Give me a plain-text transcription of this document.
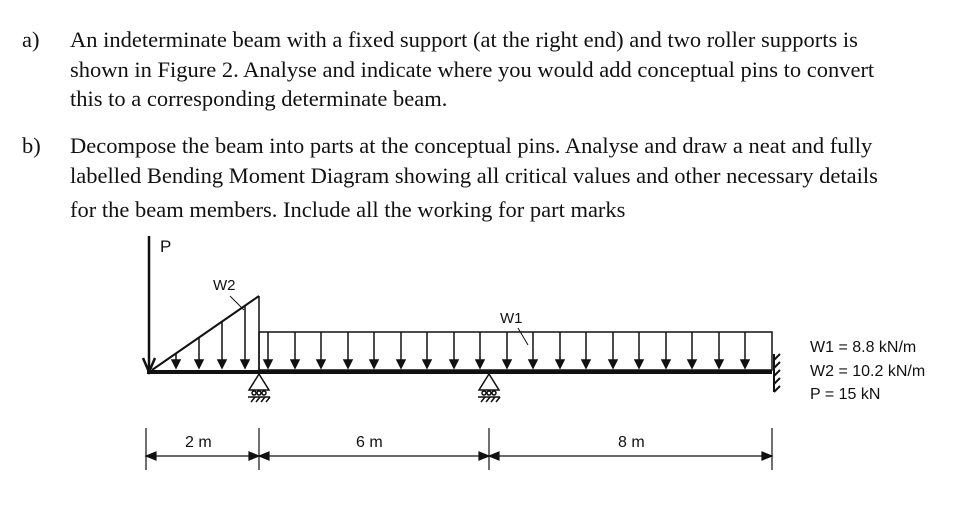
a)	An indeterminate beam with a fixed support (at the right end) and two roller supports is
shown in Figure 2. Analyse and indicate where you would add conceptual pins to convert
this to a corresponding determinate beam.
b)	Decompose the beam into parts at the conceptual pins. Analyse and draw a neat and fully
labelled Bending Moment Diagram showing all critical values and other necessary details
for the beam members. Include all the working for part marks
P
W2
W1
2 m	6 m	8 m
W1 = 8.8 kN/m
W2 = 10.2 kN/m
P = 15 kN
